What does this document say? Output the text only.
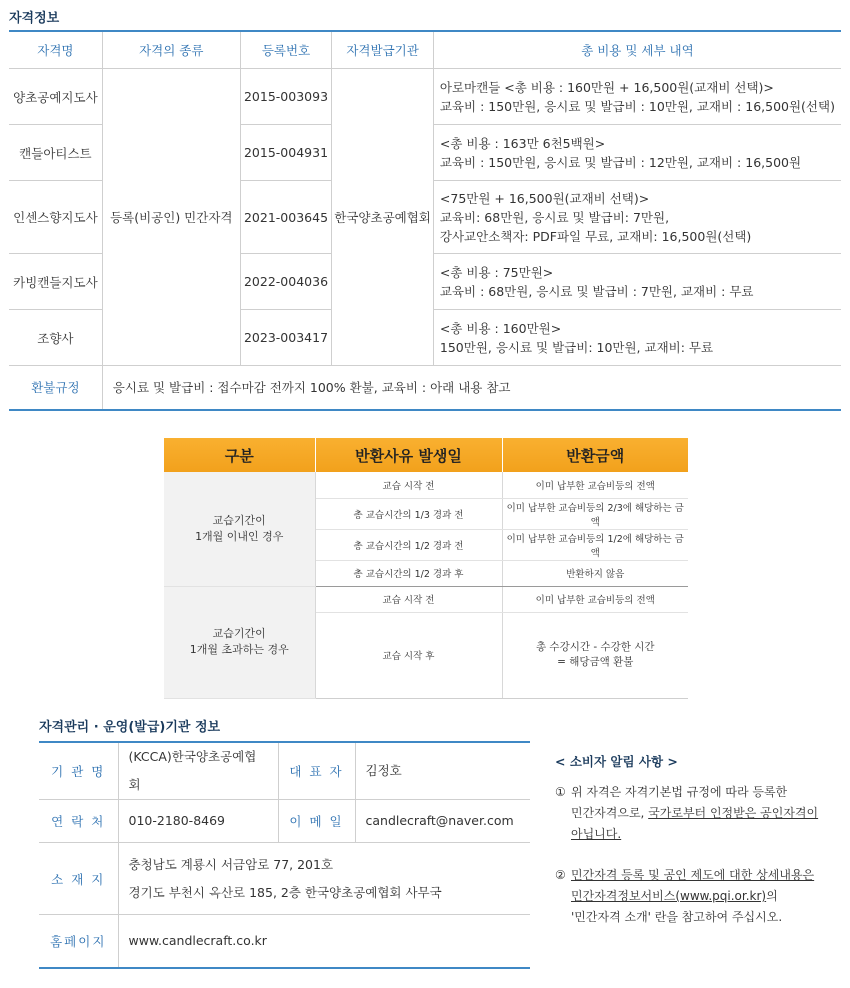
자격정보
자격명	자격의 종류	등록번호	자격발급기관	총 비용 및 세부 내역
양초공예지도사	등록(비공인) 민간자격	2015-003093	한국양초공예협회	아로마캔들 <총 비용 : 160만원 + 16,500원(교재비 선택)>
교육비 : 150만원, 응시료 및 발급비 : 10만원, 교재비 : 16,500원(선택)

캔들아티스트		2015-004931		<총 비용 : 163만 6천5백원>
교육비 : 150만원, 응시료 및 발급비 : 12만원, 교재비 : 16,500원

인센스향지도사		2021-003645		<75만원 + 16,500원(교재비 선택)>
교육비: 68만원, 응시료 및 발급비: 7만원,
강사교안소책자: PDF파일 무료, 교재비: 16,500원(선택)

카빙캔들지도사		2022-004036		<총 비용 : 75만원>
교육비 : 68만원, 응시료 및 발급비 : 7만원, 교재비 : 무료

조향사		2023-003417		<총 비용 : 160만원>
150만원, 응시료 및 발급비: 10만원, 교재비: 무료

환불규정	응시료 및 발급비 : 접수마감 전까지 100% 환불, 교육비 : 아래 내용 참고			
구분	반환사유 발생일	반환금액

교습기간이
1개월 이내인 경우	교습 시작 전	이미 납부한 교습비등의 전액
	총 교습시간의 1/3 경과 전	이미 납부한 교습비등의 2/3에 해당하는 금액
	총 교습시간의 1/2 경과 전	이미 납부한 교습비등의 1/2에 해당하는 금액
	총 교습시간의 1/2 경과 후	반환하지 않음

교습기간이
1개월 초과하는 경우	교습 시작 전	이미 납부한 교습비등의 전액
	교습 시작 후	총 수강시간 - 수강한 시간
= 해당금액 환불
자격관리 · 운영(발급)기관 정보
기 관 명	(KCCA)한국양초공예협회	대 표 자	김정호
연 락 처	010-2180-8469	이 메 일	candlecraft@naver.com
소 재 지	충청남도 계룡시 서금암로 77, 201호
경기도 부천시 옥산로 185, 2층 한국양초공예협회 사무국		

홈페이지	www.candlecraft.co.kr		
< 소비자 알림 사항 >
① 위 자격은 자격기본법 규정에 따라 등록한
민간자격으로, 국가로부터 인정받은 공인자격이
아닙니다.
② 민간자격 등록 및 공인 제도에 대한 상세내용은
민간자격정보서비스(www.pqi.or.kr)의
'민간자격 소개' 란을 참고하여 주십시오.
